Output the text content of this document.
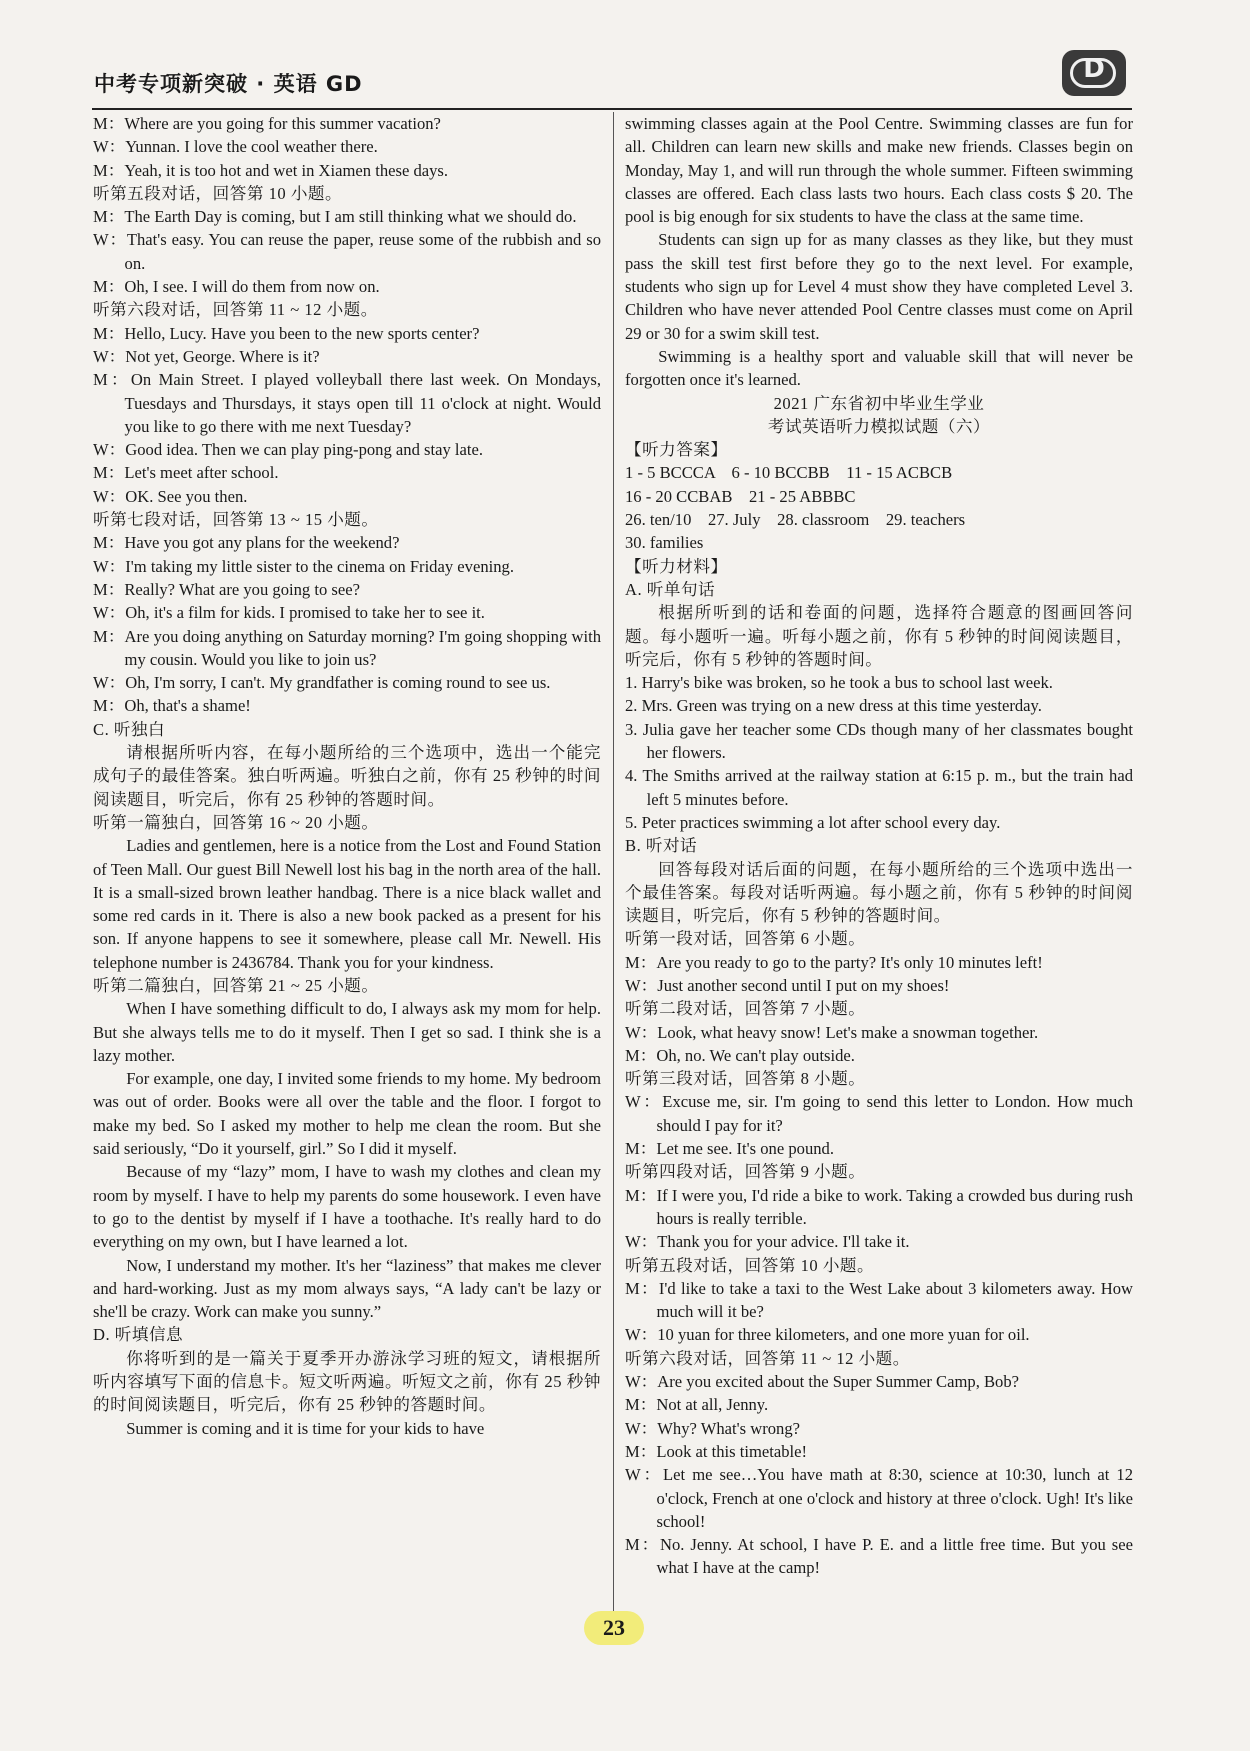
中考专项新突破 · 英语 GD	D

M：Where are you going for this summer vacation?

W：Yunnan. I love the cool weather there.

M：Yeah, it is too hot and wet in Xiamen these days.

听第五段对话，回答第 10 小题。

M：The Earth Day is coming, but I am still thinking what we should do.

W：That's easy. You can reuse the paper, reuse some of the rubbish and so on.

M：Oh, I see. I will do them from now on.

听第六段对话，回答第 11 ~ 12 小题。

M：Hello, Lucy. Have you been to the new sports center?

W：Not yet, George. Where is it?

M：On Main Street. I played volleyball there last week. On Mondays, Tuesdays and Thursdays, it stays open till 11 o'clock at night. Would you like to go there with me next Tuesday?

W：Good idea. Then we can play ping-pong and stay late.

M：Let's meet after school.

W：OK. See you then.

听第七段对话，回答第 13 ~ 15 小题。

M：Have you got any plans for the weekend?

W：I'm taking my little sister to the cinema on Friday evening.

M：Really? What are you going to see?

W：Oh, it's a film for kids. I promised to take her to see it.

M：Are you doing anything on Saturday morning? I'm going shopping with my cousin. Would you like to join us?

W：Oh, I'm sorry, I can't. My grandfather is coming round to see us.

M：Oh, that's a shame!

C. 听独白

请根据所听内容，在每小题所给的三个选项中，选出一个能完成句子的最佳答案。独白听两遍。听独白之前，你有 25 秒钟的时间阅读题目，听完后，你有 25 秒钟的答题时间。

听第一篇独白，回答第 16 ~ 20 小题。

Ladies and gentlemen, here is a notice from the Lost and Found Station of Teen Mall. Our guest Bill Newell lost his bag in the north area of the hall. It is a small-sized brown leather handbag. There is a nice black wallet and some red cards in it. There is also a new book packed as a present for his son. If anyone happens to see it somewhere, please call Mr. Newell. His telephone number is 2436784. Thank you for your kindness.

听第二篇独白，回答第 21 ~ 25 小题。

When I have something difficult to do, I always ask my mom for help. But she always tells me to do it myself. Then I get so sad. I think she is a lazy mother.

For example, one day, I invited some friends to my home. My bedroom was out of order. Books were all over the table and the floor. I forgot to make my bed. So I asked my mother to help me clean the room. But she said seriously, “Do it yourself, girl.” So I did it myself.

Because of my “lazy” mom, I have to wash my clothes and clean my room by myself. I have to help my parents do some housework. I even have to go to the dentist by myself if I have a toothache. It's really hard to do everything on my own, but I have learned a lot.

Now, I understand my mother. It's her “laziness” that makes me clever and hard-working. Just as my mom always says, “A lady can't be lazy or she'll be crazy. Work can make you sunny.”

D. 听填信息

你将听到的是一篇关于夏季开办游泳学习班的短文，请根据所听内容填写下面的信息卡。短文听两遍。听短文之前，你有 25 秒钟的时间阅读题目，听完后，你有 25 秒钟的答题时间。

Summer is coming and it is time for your kids to have

swimming classes again at the Pool Centre. Swimming classes are fun for all. Children can learn new skills and make new friends. Classes begin on Monday, May 1, and will run through the whole summer. Fifteen swimming classes are offered. Each class lasts two hours. Each class costs $ 20. The pool is big enough for six students to have the class at the same time.

Students can sign up for as many classes as they like, but they must pass the skill test first before they go to the next level. For example, students who sign up for Level 4 must show they have completed Level 3. Children who have never attended Pool Centre classes must come on April 29 or 30 for a swim skill test.

Swimming is a healthy sport and valuable skill that will never be forgotten once it's learned.

2021 广东省初中毕业生学业

考试英语听力模拟试题（六）

【听力答案】

1 - 5 BCCCA　6 - 10 BCCBB　11 - 15 ACBCB

16 - 20 CCBAB　21 - 25 ABBBC

26. ten/10　27. July　28. classroom　29. teachers

30. families

【听力材料】

A. 听单句话

根据所听到的话和卷面的问题，选择符合题意的图画回答问题。每小题听一遍。听每小题之前，你有 5 秒钟的时间阅读题目，听完后，你有 5 秒钟的答题时间。

1. Harry's bike was broken, so he took a bus to school last week.

2. Mrs. Green was trying on a new dress at this time yesterday.

3. Julia gave her teacher some CDs though many of her classmates bought her flowers.

4. The Smiths arrived at the railway station at 6:15 p. m., but the train had left 5 minutes before.

5. Peter practices swimming a lot after school every day.

B. 听对话

回答每段对话后面的问题，在每小题所给的三个选项中选出一个最佳答案。每段对话听两遍。每小题之前，你有 5 秒钟的时间阅读题目，听完后，你有 5 秒钟的答题时间。

听第一段对话，回答第 6 小题。

M：Are you ready to go to the party? It's only 10 minutes left!

W：Just another second until I put on my shoes!

听第二段对话，回答第 7 小题。

W：Look, what heavy snow! Let's make a snowman together.

M：Oh, no. We can't play outside.

听第三段对话，回答第 8 小题。

W：Excuse me, sir. I'm going to send this letter to London. How much should I pay for it?

M：Let me see. It's one pound.

听第四段对话，回答第 9 小题。

M：If I were you, I'd ride a bike to work. Taking a crowded bus during rush hours is really terrible.

W：Thank you for your advice. I'll take it.

听第五段对话，回答第 10 小题。

M：I'd like to take a taxi to the West Lake about 3 kilometers away. How much will it be?

W：10 yuan for three kilometers, and one more yuan for oil.

听第六段对话，回答第 11 ~ 12 小题。

W：Are you excited about the Super Summer Camp, Bob?

M：Not at all, Jenny.

W：Why? What's wrong?

M：Look at this timetable!

W：Let me see…You have math at 8:30, science at 10:30, lunch at 12 o'clock, French at one o'clock and history at three o'clock. Ugh! It's like school!

M：No. Jenny. At school, I have P. E. and a little free time. But you see what I have at the camp!

23
